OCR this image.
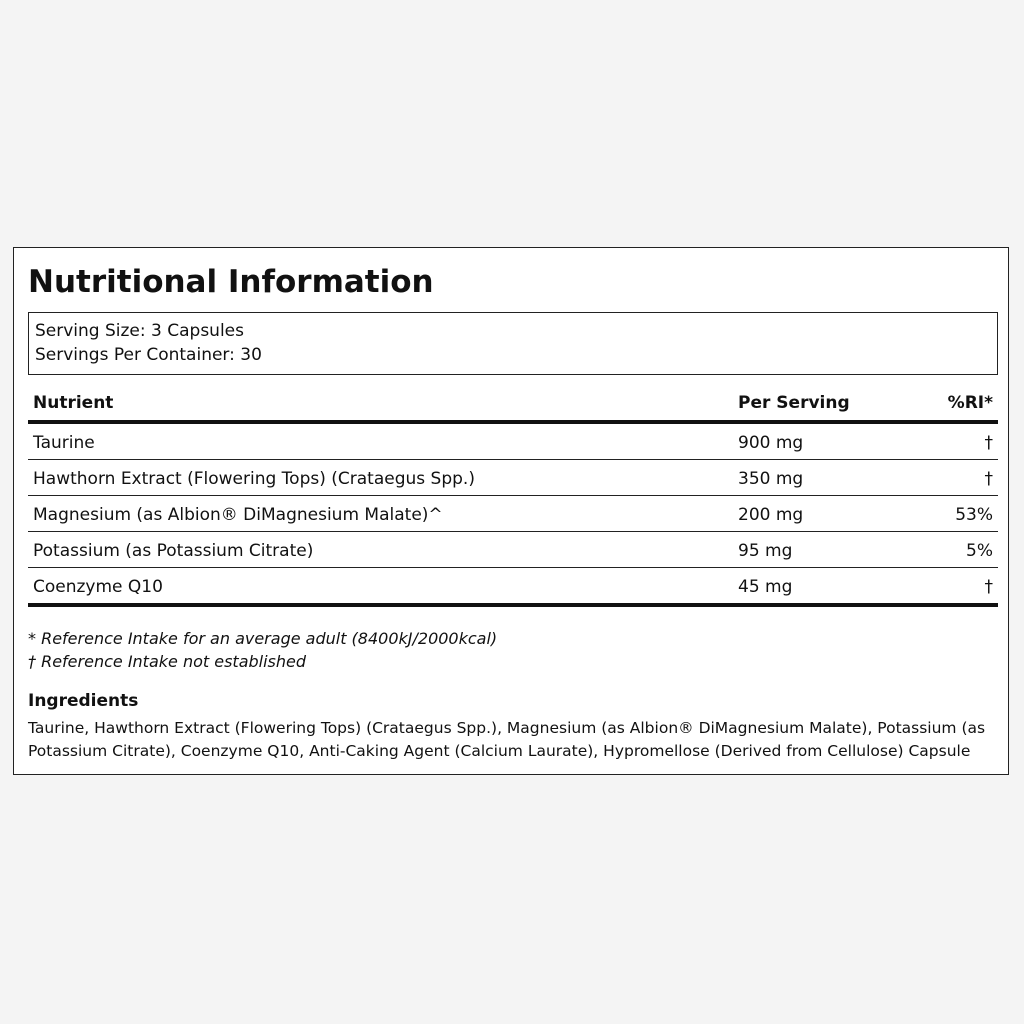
Nutritional Information
Serving Size: 3 Capsules
Servings Per Container: 30
Nutrient	Per Serving	%RI*
Taurine	900 mg	†
Hawthorn Extract (Flowering Tops) (Crataegus Spp.)	350 mg	†
Magnesium (as Albion® DiMagnesium Malate)^	200 mg	53%
Potassium (as Potassium Citrate)	95 mg	5%
Coenzyme Q10	45 mg	†
* Reference Intake for an average adult (8400kJ/2000kcal)
† Reference Intake not established
Ingredients

Taurine, Hawthorn Extract (Flowering Tops) (Crataegus Spp.), Magnesium (as Albion® DiMagnesium Malate), Potassium (as Potassium Citrate), Coenzyme Q10, Anti-Caking Agent (Calcium Laurate), Hypromellose (Derived from Cellulose) Capsule
